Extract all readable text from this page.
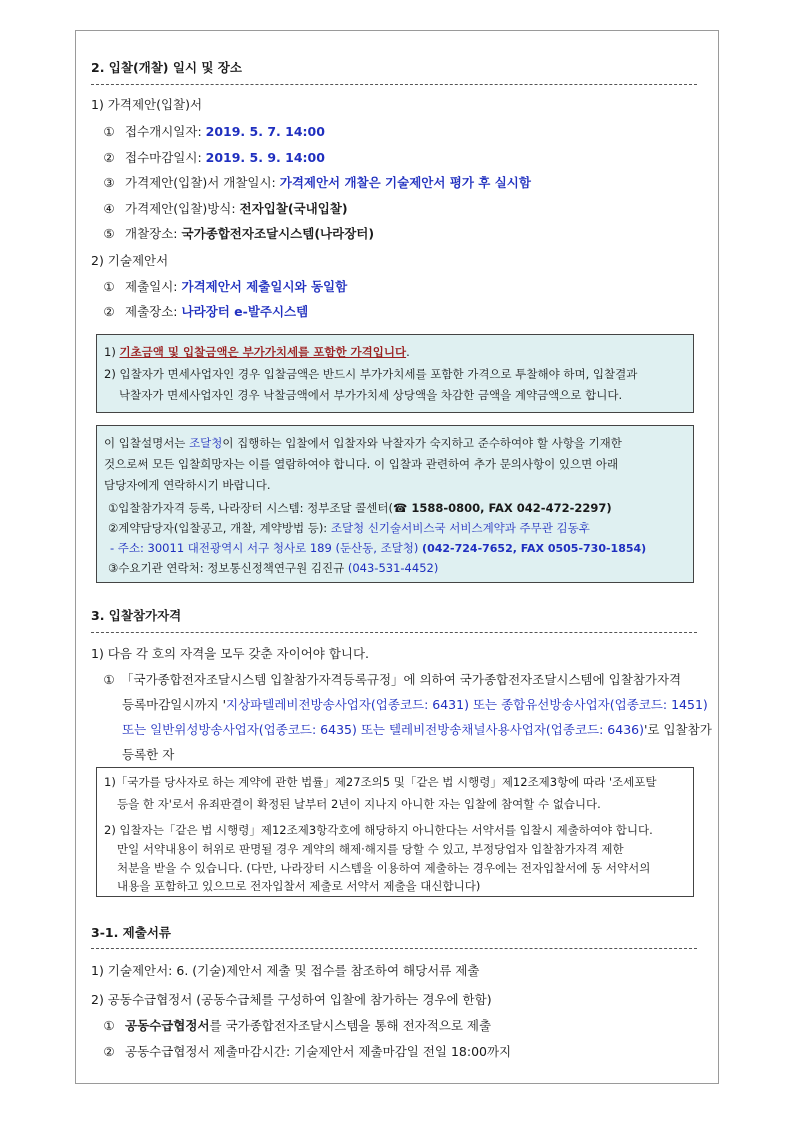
2. 입찰(개찰) 일시 및 장소
1) 가격제안(입찰)서
① 접수개시일자: 2019. 5. 7. 14:00
② 접수마감일시: 2019. 5. 9. 14:00
③ 가격제안(입찰)서 개찰일시: 가격제안서 개찰은 기술제안서 평가 후 실시함
④ 가격제안(입찰)방식: 전자입찰(국내입찰)
⑤ 개찰장소: 국가종합전자조달시스템(나라장터)
2) 기술제안서
① 제출일시: 가격제안서 제출일시와 동일함
② 제출장소: 나라장터 e-발주시스템
1) 기초금액 및 입찰금액은 부가가치세를 포함한 가격입니다.
2) 입찰자가 면세사업자인 경우 입찰금액은 반드시 부가가치세를 포함한 가격으로 투찰해야 하며, 입찰결과
낙찰자가 면세사업자인 경우 낙찰금액에서 부가가치세 상당액을 차감한 금액을 계약금액으로 합니다.
이 입찰설명서는 조달청이 집행하는 입찰에서 입찰자와 낙찰자가 숙지하고 준수하여야 할 사항을 기재한
것으로써 모든 입찰희망자는 이를 열람하여야 합니다. 이 입찰과 관련하여 추가 문의사항이 있으면 아래
담당자에게 연락하시기 바랍니다.
①입찰참가자격 등록, 나라장터 시스템: 정부조달 콜센터(☎ 1588-0800, FAX 042-472-2297)
②계약담당자(입찰공고, 개찰, 계약방법 등): 조달청 신기술서비스국 서비스계약과 주무관 김동후
- 주소: 30011 대전광역시 서구 청사로 189 (둔산동, 조달청) (042-724-7652, FAX 0505-730-1854)
③수요기관 연락처: 정보통신정책연구원 김진규 (043-531-4452)
3. 입찰참가자격
1) 다음 각 호의 자격을 모두 갖춘 자이어야 합니다.
① 「국가종합전자조달시스템 입찰참가자격등록규정」에 의하여 국가종합전자조달시스템에 입찰참가자격
등록마감일시까지 '지상파텔레비전방송사업자(업종코드: 6431) 또는 종합유선방송사업자(업종코드: 1451)
또는 일반위성방송사업자(업종코드: 6435) 또는 텔레비전방송채널사용사업자(업종코드: 6436)'로 입찰참가
등록한 자
1)「국가를 당사자로 하는 계약에 관한 법률」제27조의5 및「같은 법 시행령」제12조제3항에 따라 '조세포탈
등을 한 자'로서 유죄판결이 확정된 날부터 2년이 지나지 아니한 자는 입찰에 참여할 수 없습니다.
2) 입찰자는「같은 법 시행령」제12조제3항각호에 해당하지 아니한다는 서약서를 입찰시 제출하여야 합니다.
만일 서약내용이 허위로 판명될 경우 계약의 해제·해지를 당할 수 있고, 부정당업자 입찰참가자격 제한
처분을 받을 수 있습니다. (다만, 나라장터 시스템을 이용하여 제출하는 경우에는 전자입찰서에 동 서약서의
내용을 포함하고 있으므로 전자입찰서 제출로 서약서 제출을 대신합니다)
3-1. 제출서류
1) 기술제안서: 6. (기술)제안서 제출 및 접수를 참조하여 해당서류 제출
2) 공동수급협정서 (공동수급체를 구성하여 입찰에 참가하는 경우에 한함)
① 공동수급협정서를 국가종합전자조달시스템을 통해 전자적으로 제출
② 공동수급협정서 제출마감시간: 기술제안서 제출마감일 전일 18:00까지
